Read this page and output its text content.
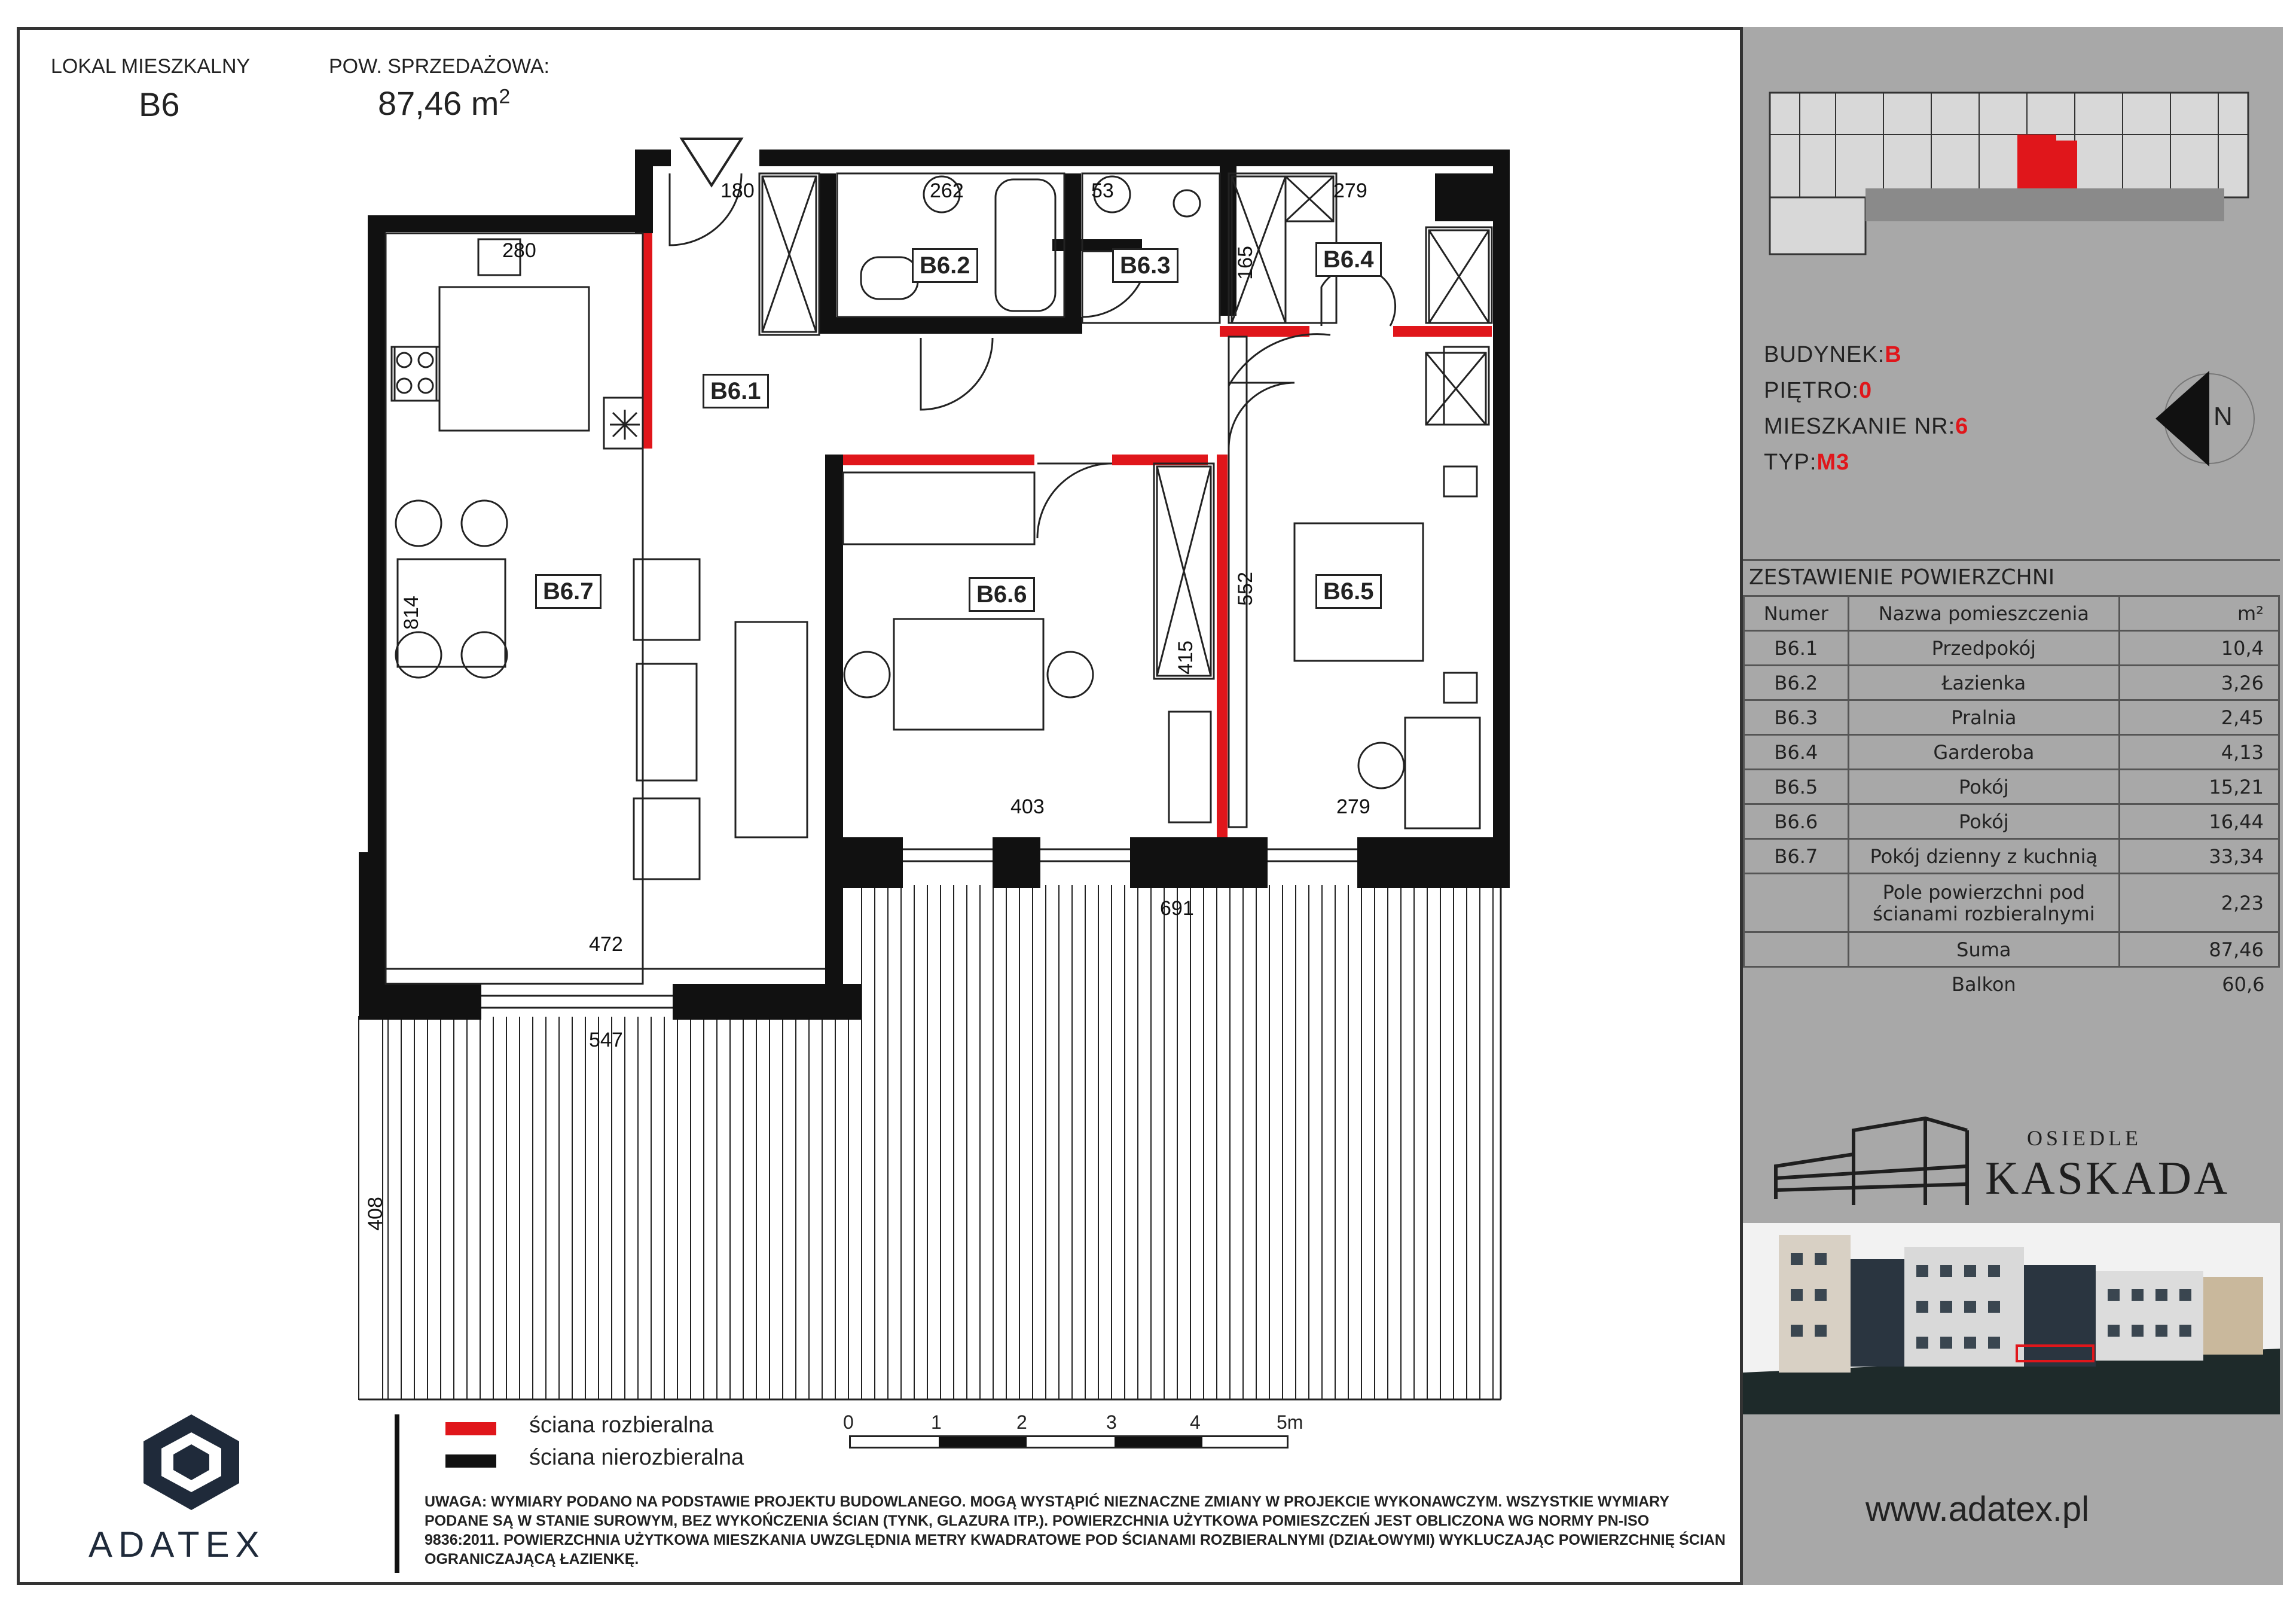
LOKAL MIESZKALNY
B6
POW. SPRZEDAŻOWA:
87,46 $m^2$
B6.1
B6.2	B6.3	B6.4
B6.5
B6.6
B6.7
180	262	53	279
165
280
814
552
415
403	279
472
691
547
408
ściana rozbieralna
ściana nierozbieralna
0	1	2	3	4	5m
ADATEX
UWAGA: WYMIARY PODANO NA PODSTAWIE PROJEKTU BUDOWLANEGO. MOGĄ WYSTĄPIĆ NIEZNACZNE ZMIANY W PROJEKCIE WYKONAWCZYM. WSZYSTKIE WYMIARY PODANE SĄ W STANIE SUROWYM, BEZ WYKOŃCZENIA ŚCIAN (TYNK, GLAZURA ITP.). POWIERZCHNIA UŻYTKOWA POMIESZCZEŃ JEST OBLICZONA WG NORMY PN-ISO 9836:2011. POWIERZCHNIA UŻYTKOWA MIESZKANIA UWZGLĘDNIA METRY KWADRATOWE POD ŚCIANAMI ROZBIERALNYMI (DZIAŁOWYMI) WYKLUCZAJĄC POWIERZCHNIĘ ŚCIAN OGRANICZAJĄCĄ ŁAZIENKĘ.
BUDYNEK:B
PIĘTRO:0
MIESZKANIE NR:6
TYP:M3
N
ZESTAWIENIE POWIERZCHNI
Numer	Nazwa pomieszczenia	m²
B6.1	Przedpokój	10,4
B6.2	Łazienka	3,26
B6.3	Pralnia	2,45
B6.4	Garderoba	4,13
B6.5	Pokój	15,21
B6.6	Pokój	16,44
B6.7	Pokój dzienny z kuchnią	33,34
	Pole powierzchni pod ścianami rozbieralnymi	2,23
	Suma	87,46
	Balkon	60,6
OSIEDLE
KASKADA
www.adatex.pl
